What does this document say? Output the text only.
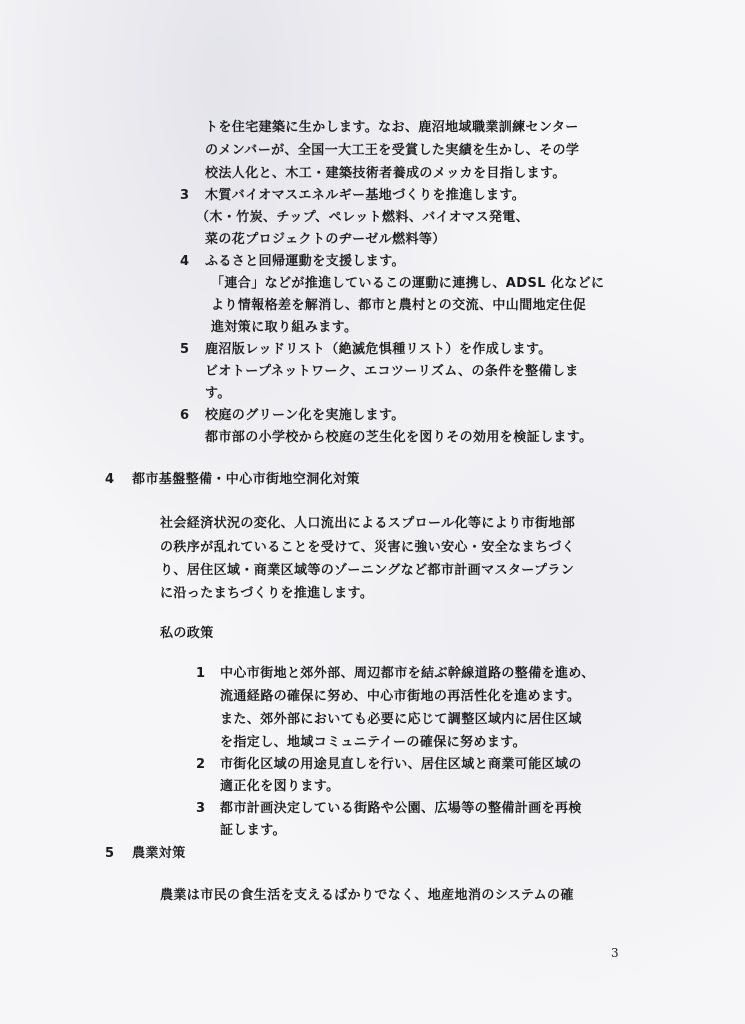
トを住宅建築に生かします。なお、鹿沼地域職業訓練センター
のメンバーが、全国一大工王を受賞した実績を生かし、その学
校法人化と、木工・建築技術者養成のメッカを目指します。
3 木質バイオマスエネルギー基地づくりを推進します。
（木・竹炭、チップ、ペレット燃料、バイオマス発電、
菜の花プロジェクトのヂーゼル燃料等）
4 ふるさと回帰運動を支援します。
「連合」などが推進しているこの運動に連携し、ADSL 化などに
より情報格差を解消し、都市と農村との交流、中山間地定住促
進対策に取り組みます。
5 鹿沼版レッドリスト（絶滅危惧種リスト）を作成します。
ビオトープネットワーク、エコツーリズム、の条件を整備しま
す。
6 校庭のグリーン化を実施します。
都市部の小学校から校庭の芝生化を図りその効用を検証します。
4 都市基盤整備・中心市街地空洞化対策
社会経済状況の変化、人口流出によるスプロール化等により市街地部
の秩序が乱れていることを受けて、災害に強い安心・安全なまちづく
り、居住区域・商業区域等のゾーニングなど都市計画マスタープラン
に沿ったまちづくりを推進します。
私の政策
1 中心市街地と郊外部、周辺都市を結ぶ幹線道路の整備を進め、
流通経路の確保に努め、中心市街地の再活性化を進めます。
また、郊外部においても必要に応じて調整区域内に居住区域
を指定し、地域コミュニテイーの確保に努めます。
2 市街化区域の用途見直しを行い、居住区域と商業可能区域の
適正化を図ります。
3 都市計画決定している街路や公園、広場等の整備計画を再検
証します。
5 農業対策
農業は市民の食生活を支えるばかりでなく、地産地消のシステムの確
3
